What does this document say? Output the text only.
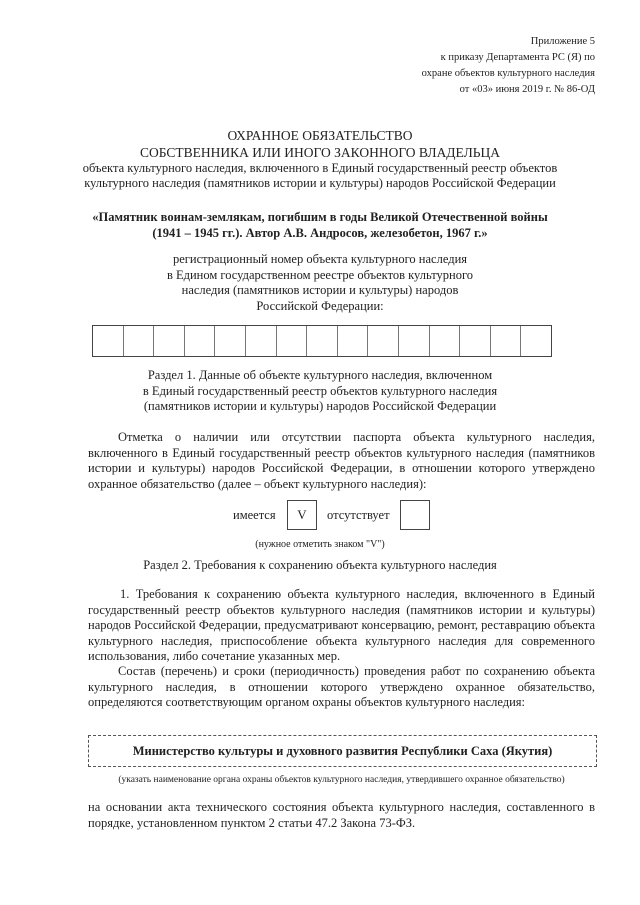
Приложение 5
к приказу Департамента РС (Я) по
охране объектов культурного наследия
от «03» июня 2019 г. № 86-ОД
ОХРАННОЕ ОБЯЗАТЕЛЬСТВО
СОБСТВЕННИКА ИЛИ ИНОГО ЗАКОННОГО ВЛАДЕЛЬЦА
объекта культурного наследия, включенного в Единый государственный реестр объектов
культурного наследия (памятников истории и культуры) народов Российской Федерации
«Памятник воинам-землякам, погибшим в годы Великой Отечественной войны
(1941 – 1945 гг.). Автор А.В. Андросов, железобетон, 1967 г.»
регистрационный номер объекта культурного наследия
в Едином государственном реестре объектов культурного
наследия (памятников истории и культуры) народов
Российской Федерации:
Раздел 1. Данные об объекте культурного наследия, включенном
в Единый государственный реестр объектов культурного наследия
(памятников истории и культуры) народов Российской Федерации
Отметка о наличии или отсутствии паспорта объекта культурного наследия, включенного в Единый государственный реестр объектов культурного наследия (памятников истории и культуры) народов Российской Федерации, в отношении которого утверждено охранное обязательство (далее – объект культурного наследия):
имеется	V	отсутствует
(нужное отметить знаком "V")
Раздел 2. Требования к сохранению объекта культурного наследия
1. Требования к сохранению объекта культурного наследия, включенного в Единый государственный реестр объектов культурного наследия (памятников истории и культуры) народов Российской Федерации, предусматривают консервацию, ремонт, реставрацию объекта культурного наследия, приспособление объекта культурного наследия для современного использования, либо сочетание указанных мер.
Состав (перечень) и сроки (периодичность) проведения работ по сохранению объекта культурного наследия, в отношении которого утверждено охранное обязательство, определяются соответствующим органом охраны объектов культурного наследия:
Министерство культуры и духовного развития Республики Саха (Якутия)
(указать наименование органа охраны объектов культурного наследия, утвердившего охранное обязательство)
на основании акта технического состояния объекта культурного наследия, составленного в порядке, установленном пунктом 2 статьи 47.2 Закона 73-ФЗ.
